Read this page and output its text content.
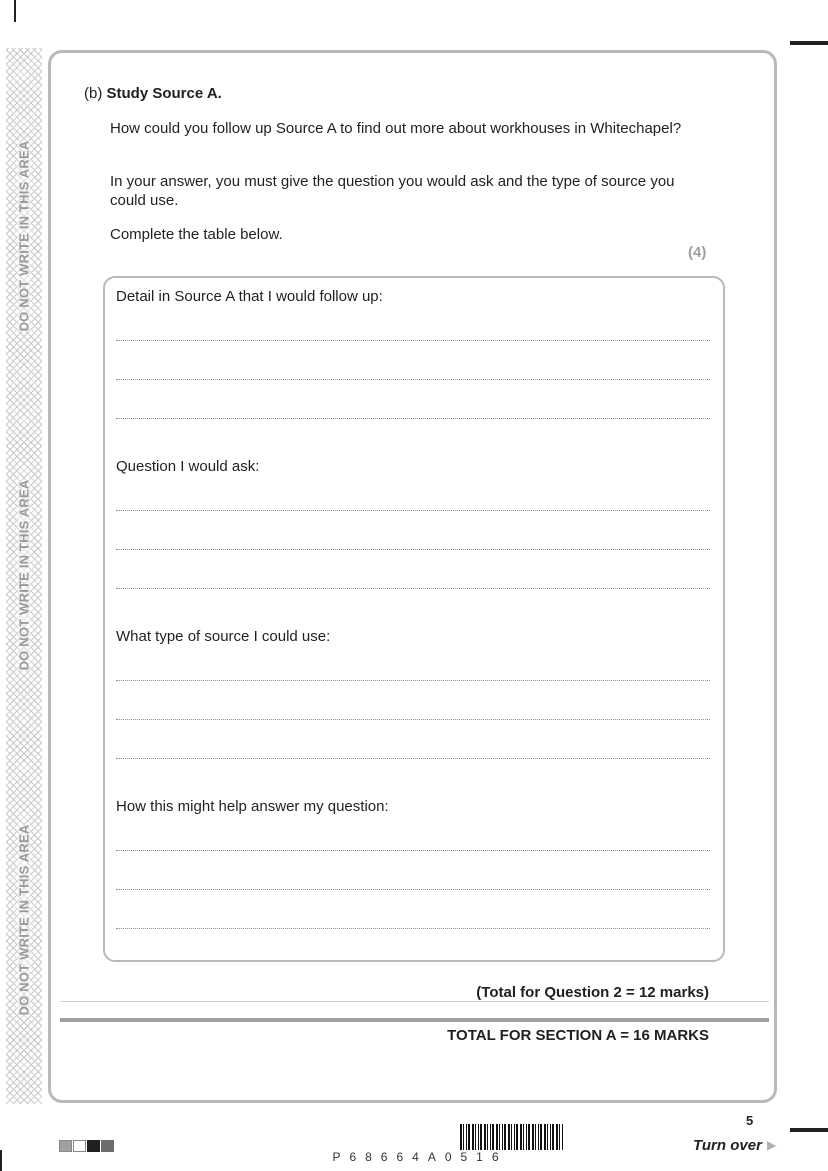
DO NOT WRITE IN THIS AREA
DO NOT WRITE IN THIS AREA
DO NOT WRITE IN THIS AREA
(b) Study Source A.
How could you follow up Source A to find out more about workhouses in Whitechapel?
In your answer, you must give the question you would ask and the type of source you could use.
Complete the table below.
(4)
Detail in Source A that I would follow up:
Question I would ask:
What type of source I could use:
How this might help answer my question:
(Total for Question 2 = 12 marks)
TOTAL FOR SECTION A = 16 MARKS
P68664A0516
5
Turn over ▶
